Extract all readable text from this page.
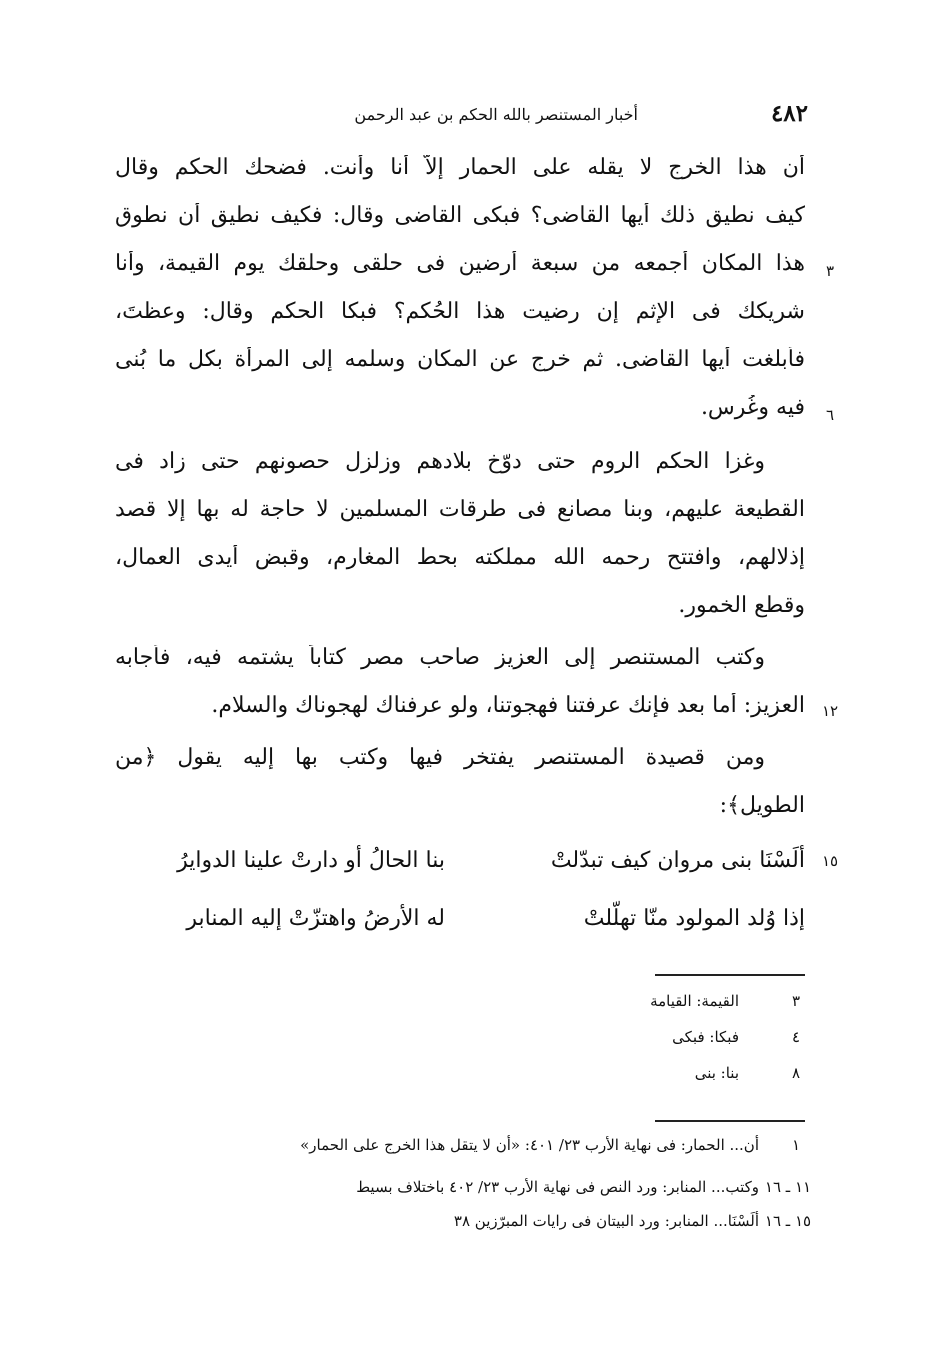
٤٨٢
أخبار المستنصر بالله الحكم بن عبد الرحمن
أن هذا الخرج لا يقله على الحمار إلاّ أنا وأنت. فضحك الحكم وقال
كيف نطيق ذلك أيها القاضى؟ فبكى القاضى وقال: فكيف نطيق أن نطوق
هذا المكان أجمعه من سبعة أرضين فى حلقى وحلقك يوم القيمة، وأنا
شريكك فى الإثم إن رضيت هذا الحُكم؟ فبكا الحكم وقال: وعظتَ،
فأبلغت أيها القاضى. ثم خرج عن المكان وسلمه إلى المرأة بكل ما بُنى
فيه وغُرس.
وغزا الحكم الروم حتى دوّخ بلادهم وزلزل حصونهم حتى زاد فى
القطيعة عليهم، وبنا مصانع فى طرقات المسلمين لا حاجة له بها إلا قصد
إذلالهم، وافتتح رحمه الله مملكته بحط المغارم، وقبض أيدى العمال،
وقطع الخمور.
وكتب المستنصر إلى العزيز صاحب مصر كتاباً يشتمه فيه، فأجابه
العزيز: أما بعد فإنك عرفتنا فهجوتنا، ولو عرفناك لهجوناك والسلام.
ومن قصيدة المستنصر يفتخر فيها وكتب بها إليه يقول ﴿من
الطويل﴾:
٣
٦
١٢
١٥
ألَسْنَا بنى مروان كيف تبدّلتْ
بنا الحالُ أو دارتْ علينا الدوايرُ
إذا وُلد المولود منّا تهلّلتْ
له الأرضُ واهتزّتْ إليه المنابر
٣
القيمة: القيامة
٤
فبكا: فبكى
٨
بنا: بنى
١
أن... الحمار: فى نهاية الأرب ٢٣/ ٤٠١: «أن لا يتقل هذا الخرج على الحمار»
١١ ـ ١٦
وكتب... المنابر: ورد النص فى نهاية الأرب ٢٣/ ٤٠٢ باختلاف بسيط
١٥ ـ ١٦
ألَسْنَا... المنابر: ورد البيتان فى رايات المبرّزين ٣٨
